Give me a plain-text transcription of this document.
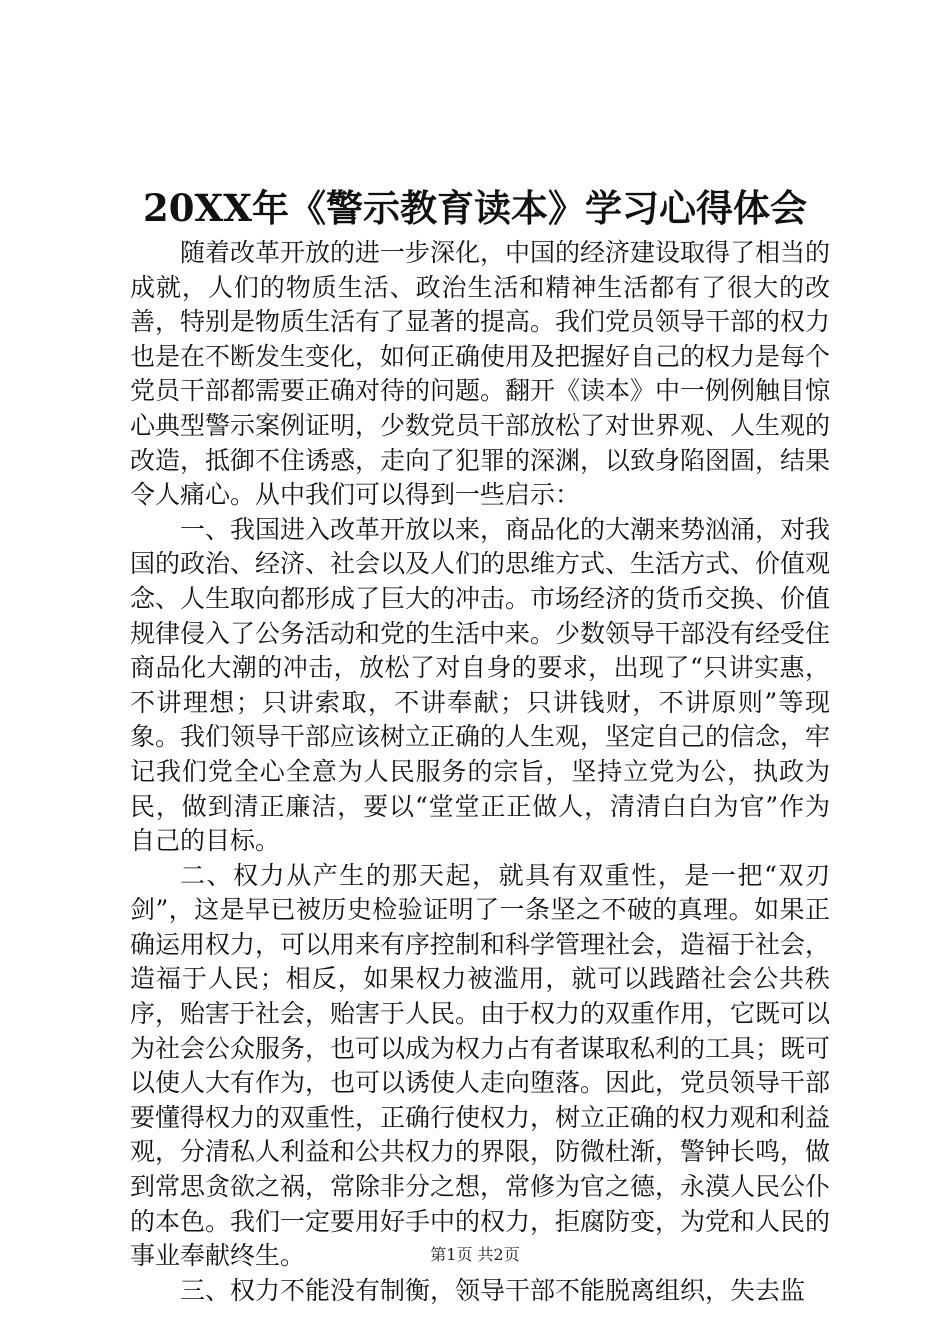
20XX年《警示教育读本》学习心得体会

随着改革开放的进一步深化，中国的经济建设取得了相当的成就，人们的物质生活、政治生活和精神生活都有了很大的改善，特别是物质生活有了显著的提高。我们党员领导干部的权力也是在不断发生变化，如何正确使用及把握好自己的权力是每个党员干部都需要正确对待的问题。翻开《读本》中一例例触目惊心典型警示案例证明，少数党员干部放松了对世界观、人生观的改造，抵御不住诱惑，走向了犯罪的深渊，以致身陷囹圄，结果令人痛心。从中我们可以得到一些启示：

一、我国进入改革开放以来，商品化的大潮来势汹涌，对我国的政治、经济、社会以及人们的思维方式、生活方式、价值观念、人生取向都形成了巨大的冲击。市场经济的货币交换、价值规律侵入了公务活动和党的生活中来。少数领导干部没有经受住商品化大潮的冲击，放松了对自身的要求，出现了“只讲实惠，不讲理想；只讲索取，不讲奉献；只讲钱财，不讲原则”等现象。我们领导干部应该树立正确的人生观，坚定自己的信念，牢记我们党全心全意为人民服务的宗旨，坚持立党为公，执政为民，做到清正廉洁，要以“堂堂正正做人，清清白白为官”作为自己的目标。

二、权力从产生的那天起，就具有双重性，是一把“双刃剑”，这是早已被历史检验证明了一条坚之不破的真理。如果正确运用权力，可以用来有序控制和科学管理社会，造福于社会，造福于人民；相反，如果权力被滥用，就可以践踏社会公共秩序，贻害于社会，贻害于人民。由于权力的双重作用，它既可以为社会公众服务，也可以成为权力占有者谋取私利的工具；既可以使人大有作为，也可以诱使人走向堕落。因此，党员领导干部要懂得权力的双重性，正确行使权力，树立正确的权力观和利益观，分清私人利益和公共权力的界限，防微杜渐，警钟长鸣，做到常思贪欲之祸，常除非分之想，常修为官之德，永漠人民公仆的本色。我们一定要用好手中的权力，拒腐防变，为党和人民的事业奉献终生。

三、权力不能没有制衡，领导干部不能脱离组织，失去监

第1页 共2页
